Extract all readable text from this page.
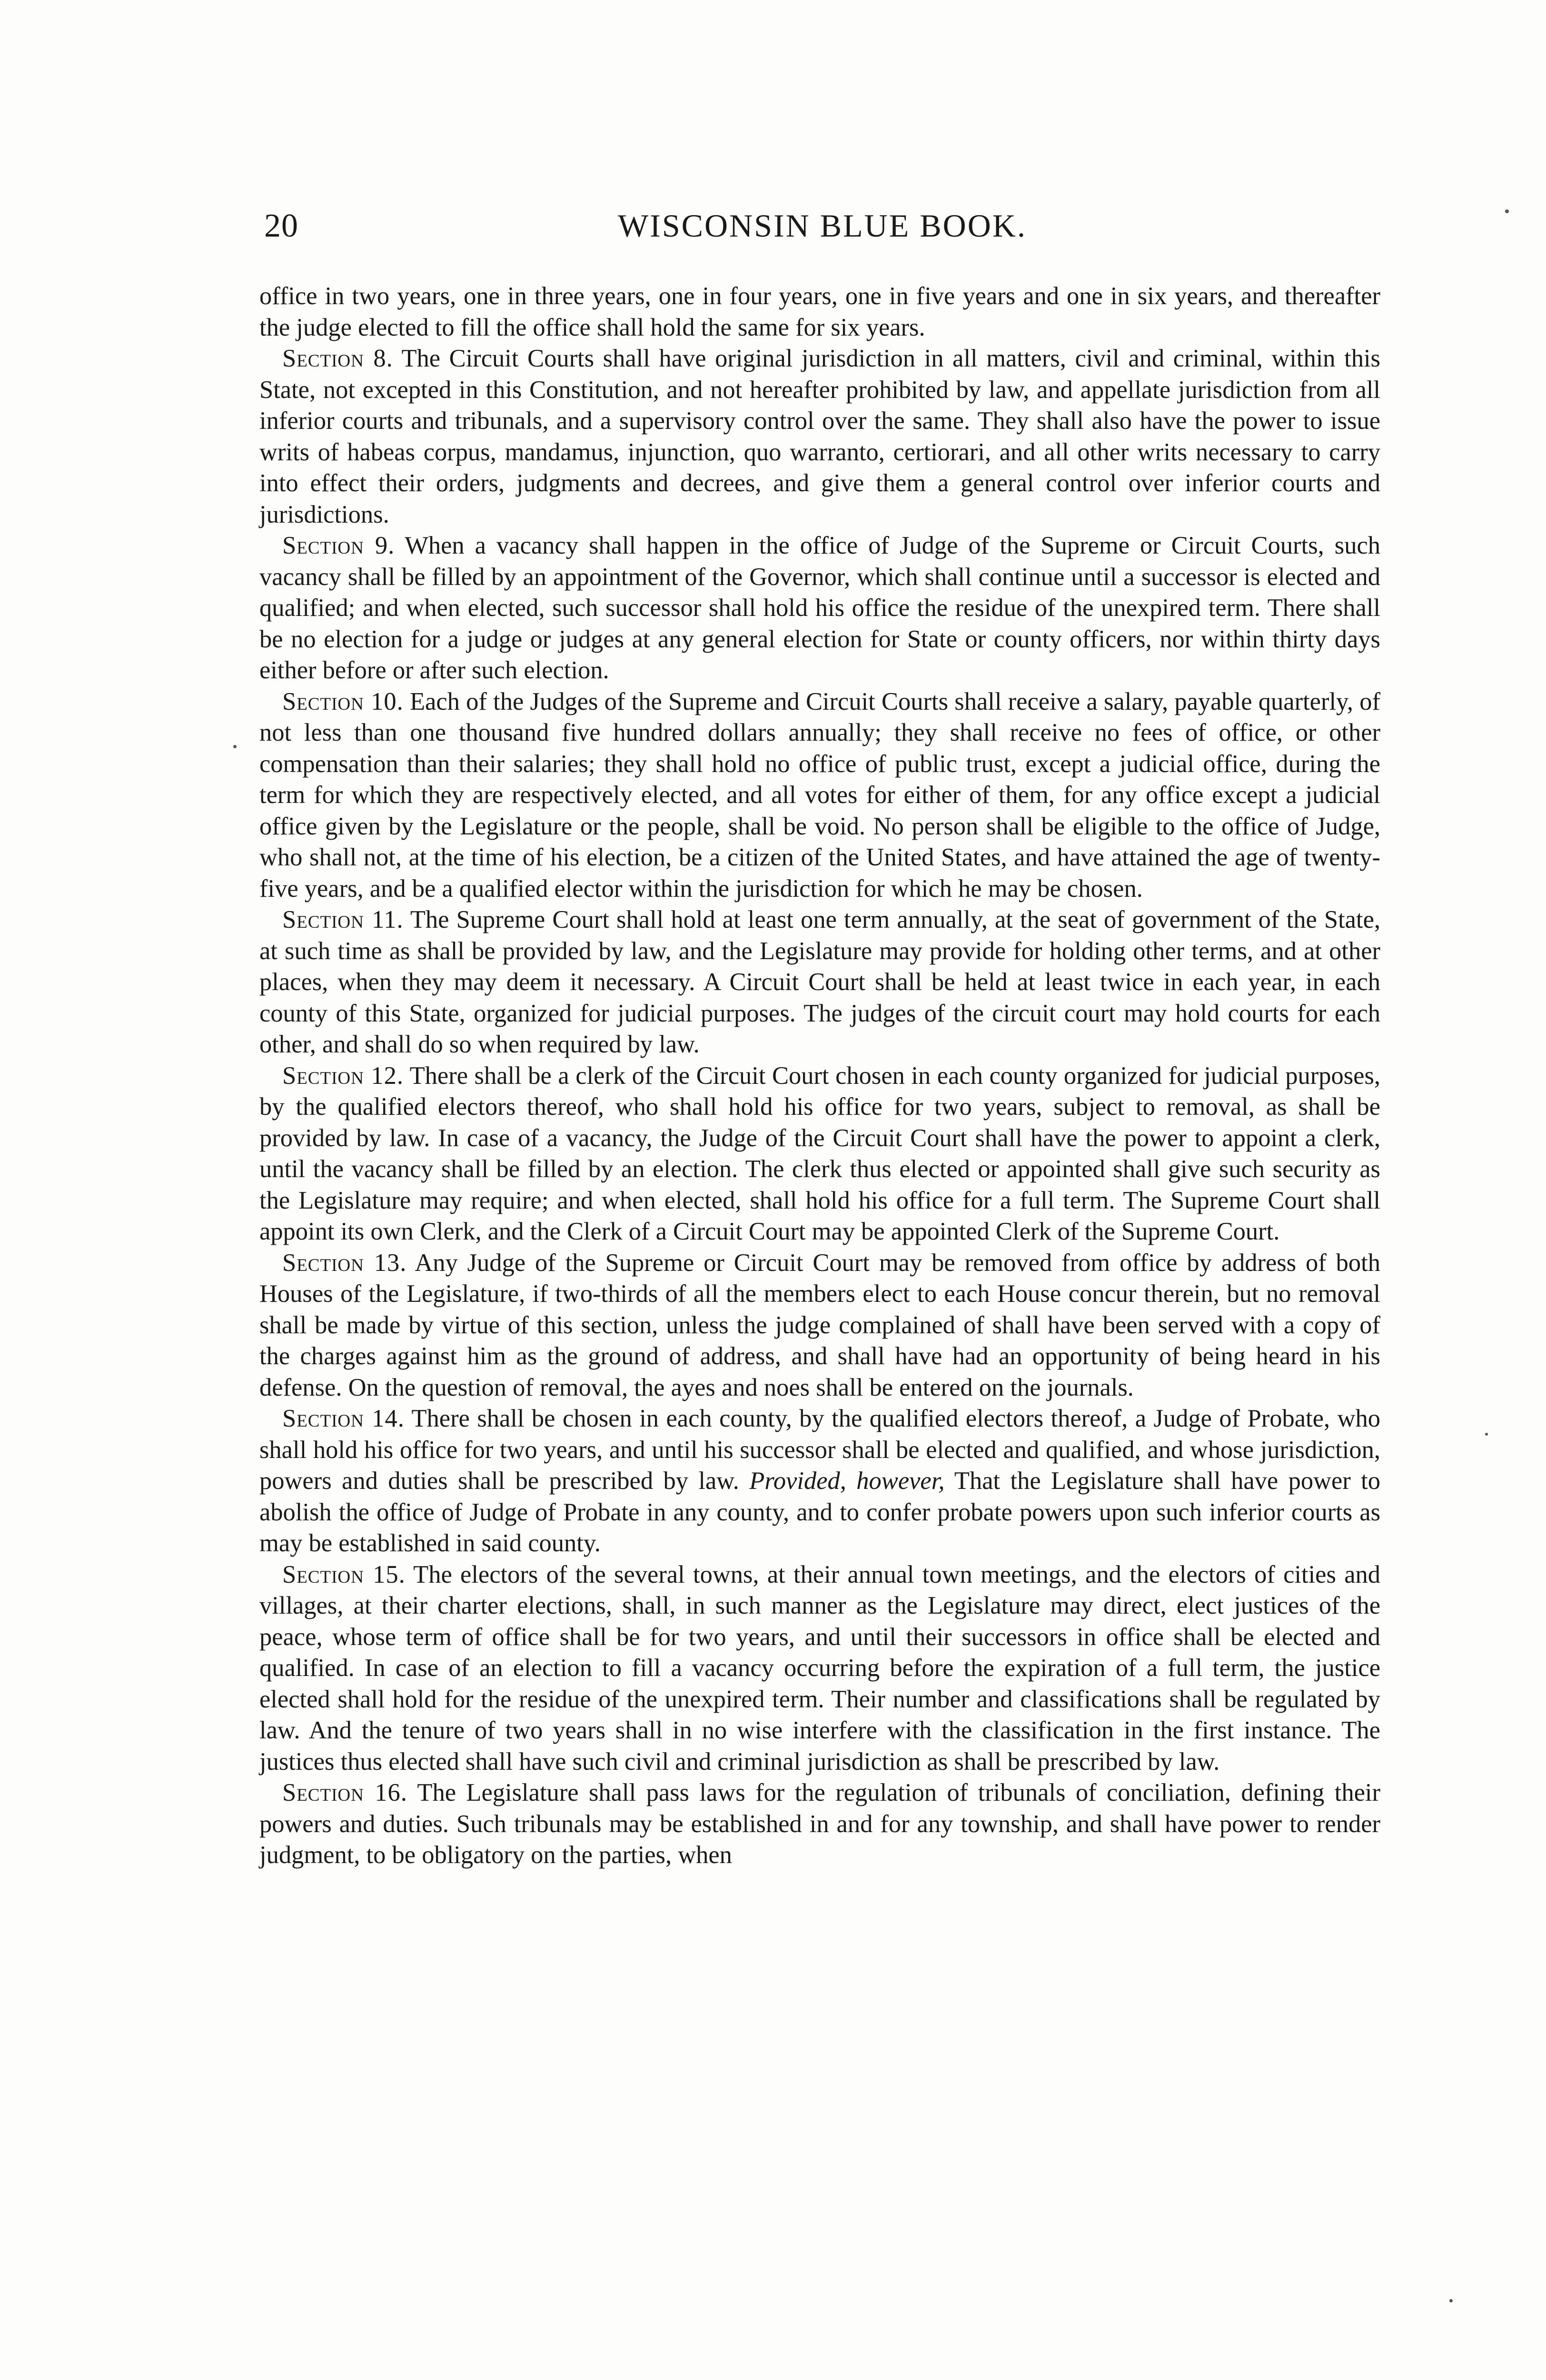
20	WISCONSIN BLUE BOOK.

office in two years, one in three years, one in four years, one in five years and one in six years, and thereafter the judge elected to fill the office shall hold the same for six years.

Section 8. The Circuit Courts shall have original jurisdiction in all matters, civil and criminal, within this State, not excepted in this Constitution, and not hereafter prohibited by law, and appellate jurisdiction from all inferior courts and tribunals, and a supervisory control over the same. They shall also have the power to issue writs of habeas corpus, mandamus, injunction, quo warranto, certiorari, and all other writs necessary to carry into effect their orders, judgments and decrees, and give them a general control over inferior courts and jurisdictions.

Section 9. When a vacancy shall happen in the office of Judge of the Supreme or Circuit Courts, such vacancy shall be filled by an appointment of the Governor, which shall continue until a successor is elected and qualified; and when elected, such successor shall hold his office the residue of the unexpired term. There shall be no election for a judge or judges at any general election for State or county officers, nor within thirty days either before or after such election.

Section 10. Each of the Judges of the Supreme and Circuit Courts shall receive a salary, payable quarterly, of not less than one thousand five hundred dollars annually; they shall receive no fees of office, or other compensation than their salaries; they shall hold no office of public trust, except a judicial office, during the term for which they are respectively elected, and all votes for either of them, for any office except a judicial office given by the Legislature or the people, shall be void. No person shall be eligible to the office of Judge, who shall not, at the time of his election, be a citizen of the United States, and have attained the age of twenty-five years, and be a qualified elector within the jurisdiction for which he may be chosen.

Section 11. The Supreme Court shall hold at least one term annually, at the seat of government of the State, at such time as shall be provided by law, and the Legislature may provide for holding other terms, and at other places, when they may deem it necessary. A Circuit Court shall be held at least twice in each year, in each county of this State, organized for judicial purposes. The judges of the circuit court may hold courts for each other, and shall do so when required by law.

Section 12. There shall be a clerk of the Circuit Court chosen in each county organized for judicial purposes, by the qualified electors thereof, who shall hold his office for two years, subject to removal, as shall be provided by law. In case of a vacancy, the Judge of the Circuit Court shall have the power to appoint a clerk, until the vacancy shall be filled by an election. The clerk thus elected or appointed shall give such security as the Legislature may require; and when elected, shall hold his office for a full term. The Supreme Court shall appoint its own Clerk, and the Clerk of a Circuit Court may be appointed Clerk of the Supreme Court.

Section 13. Any Judge of the Supreme or Circuit Court may be removed from office by address of both Houses of the Legislature, if two-thirds of all the members elect to each House concur therein, but no removal shall be made by virtue of this section, unless the judge complained of shall have been served with a copy of the charges against him as the ground of address, and shall have had an opportunity of being heard in his defense. On the question of removal, the ayes and noes shall be entered on the journals.

Section 14. There shall be chosen in each county, by the qualified electors thereof, a Judge of Probate, who shall hold his office for two years, and until his successor shall be elected and qualified, and whose jurisdiction, powers and duties shall be prescribed by law. Provided, however, That the Legislature shall have power to abolish the office of Judge of Probate in any county, and to confer probate powers upon such inferior courts as may be established in said county.

Section 15. The electors of the several towns, at their annual town meetings, and the electors of cities and villages, at their charter elections, shall, in such manner as the Legislature may direct, elect justices of the peace, whose term of office shall be for two years, and until their successors in office shall be elected and qualified. In case of an election to fill a vacancy occurring before the expiration of a full term, the justice elected shall hold for the residue of the unexpired term. Their number and classifications shall be regulated by law. And the tenure of two years shall in no wise interfere with the classification in the first instance. The justices thus elected shall have such civil and criminal jurisdiction as shall be prescribed by law.

Section 16. The Legislature shall pass laws for the regulation of tribunals of conciliation, defining their powers and duties. Such tribunals may be established in and for any township, and shall have power to render judgment, to be obligatory on the parties, when
